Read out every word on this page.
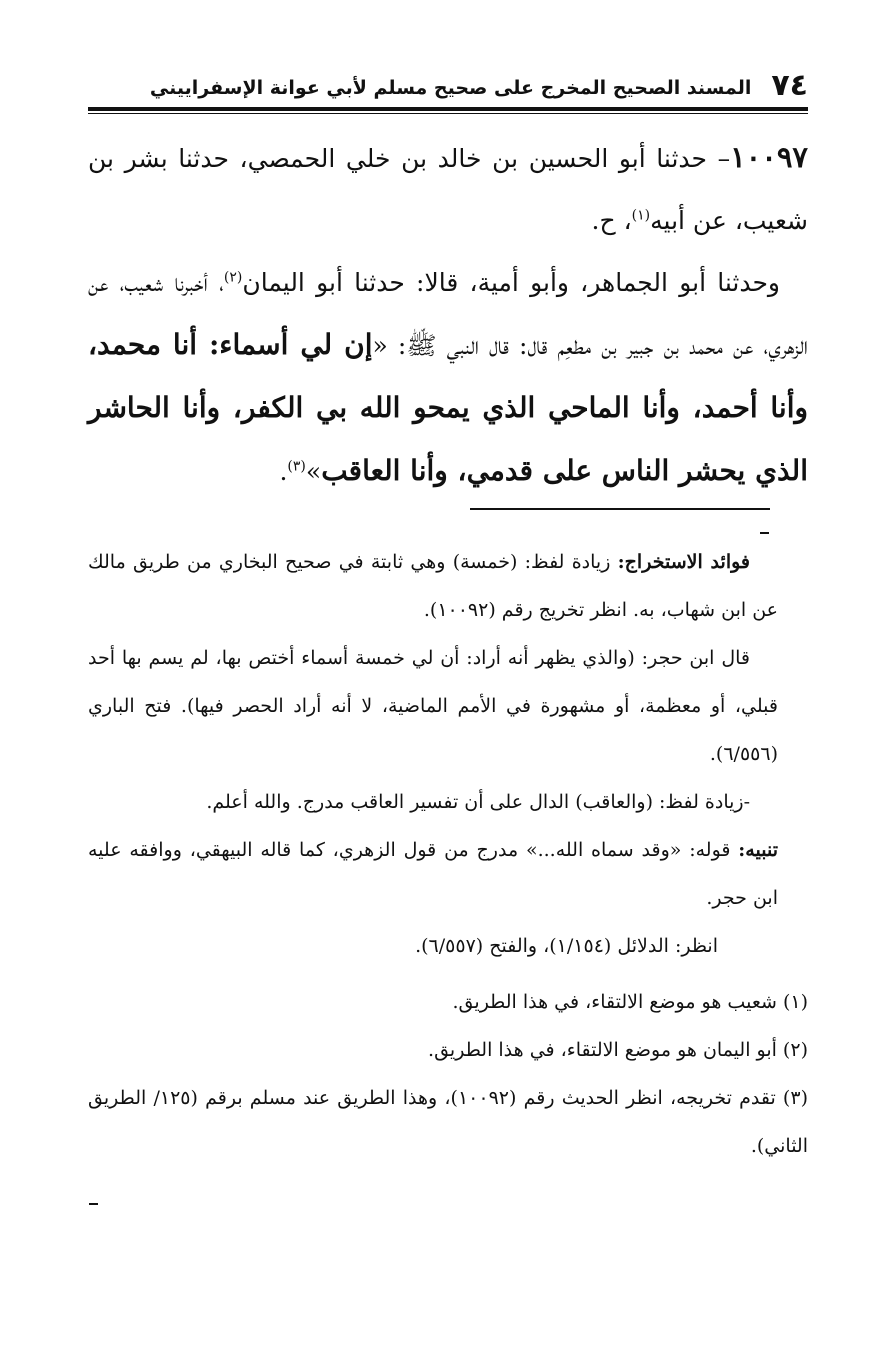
٧٤
المسند الصحيح المخرج على صحيح مسلم لأبي عوانة الإسفراييني

١٠٠٩٧– حدثنا أبو الحسين بن خالد بن خلي الحمصي، حدثنا بشر بن شعيب، عن أبيه$^{(١)}$، ح.

وحدثنا أبو الجماهر، وأبو أمية، قالا: حدثنا أبو اليمان$^{(٢)}$، أخبرنا شعيب، عن الزهري، عن محمد بن جبير بن مطعِم قال: قال النبي ﷺ: «إن لي أسماء: أنا محمد، وأنا أحمد، وأنا الماحي الذي يمحو الله بي الكفر، وأنا الحاشر الذي يحشر الناس على قدمي، وأنا العاقب»$^{(٣)}$.

فوائد الاستخراج: زيادة لفظ: (خمسة) وهي ثابتة في صحيح البخاري من طريق مالك عن ابن شهاب، به. انظر تخريج رقم (١٠٠٩٢).

قال ابن حجر: (والذي يظهر أنه أراد: أن لي خمسة أسماء أختص بها، لم يسم بها أحد قبلي، أو معظمة، أو مشهورة في الأمم الماضية، لا أنه أراد الحصر فيها). فتح الباري (٦/٥٥٦).

-زيادة لفظ: (والعاقب) الدال على أن تفسير العاقب مدرج. والله أعلم.

تنبيه: قوله: «وقد سماه الله...» مدرج من قول الزهري، كما قاله البيهقي، ووافقه عليه ابن حجر.

انظر: الدلائل (١/١٥٤)، والفتح (٦/٥٥٧).

(١) شعيب هو موضع الالتقاء، في هذا الطريق.

(٢) أبو اليمان هو موضع الالتقاء، في هذا الطريق.

(٣) تقدم تخريجه، انظر الحديث رقم (١٠٠٩٢)، وهذا الطريق عند مسلم برقم (١٢٥/ الطريق الثاني).
